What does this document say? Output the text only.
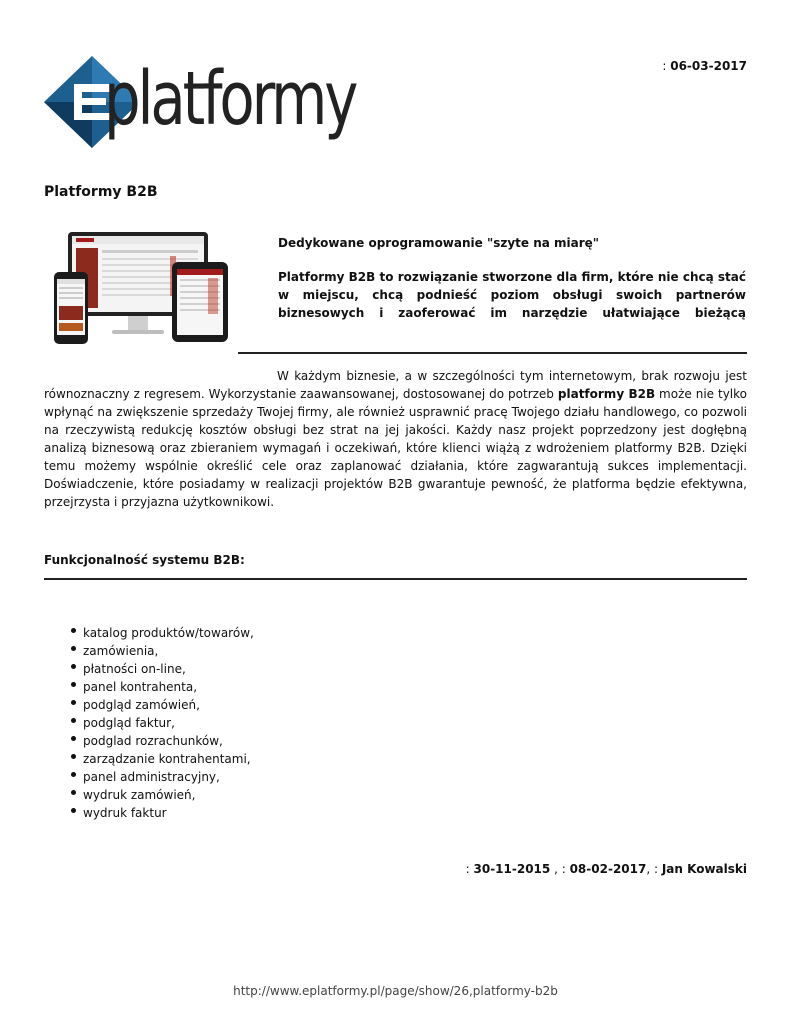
platformy	: 06-03-2017
Platformy B2B
Dedykowane oprogramowanie "szyte na miarę"
Platformy B2B to rozwiązanie stworzone dla firm, które nie chcą stać w miejscu, chcą podnieść poziom obsługi swoich partnerów biznesowych i zaoferować im narzędzie ułatwiające bieżącą
W każdym biznesie, a w szczególności tym internetowym, brak rozwoju jest równoznaczny z regresem. Wykorzystanie zaawansowanej, dostosowanej do potrzeb platformy B2B może nie tylko wpłynąć na zwiększenie sprzedaży Twojej firmy, ale również usprawnić pracę Twojego działu handlowego, co pozwoli na rzeczywistą redukcję kosztów obsługi bez strat na jej jakości. Każdy nasz projekt poprzedzony jest dogłębną analizą biznesową oraz zbieraniem wymagań i oczekiwań, które klienci wiążą z wdrożeniem platformy B2B. Dzięki temu możemy wspólnie określić cele oraz zaplanować działania, które zagwarantują sukces implementacji. Doświadczenie, które posiadamy w realizacji projektów B2B gwarantuje pewność, że platforma będzie efektywna, przejrzysta i przyjazna użytkownikowi.
Funkcjonalność systemu B2B:
katalog produktów/towarów,
zamówienia,
płatności on-line,
panel kontrahenta,
podgląd zamówień,
podgląd faktur,
podglad rozrachunków,
zarządzanie kontrahentami,
panel administracyjny,
wydruk zamówień,
wydruk faktur
: 30-11-2015 , : 08-02-2017, : Jan Kowalski
http://www.eplatformy.pl/page/show/26,platformy-b2b
